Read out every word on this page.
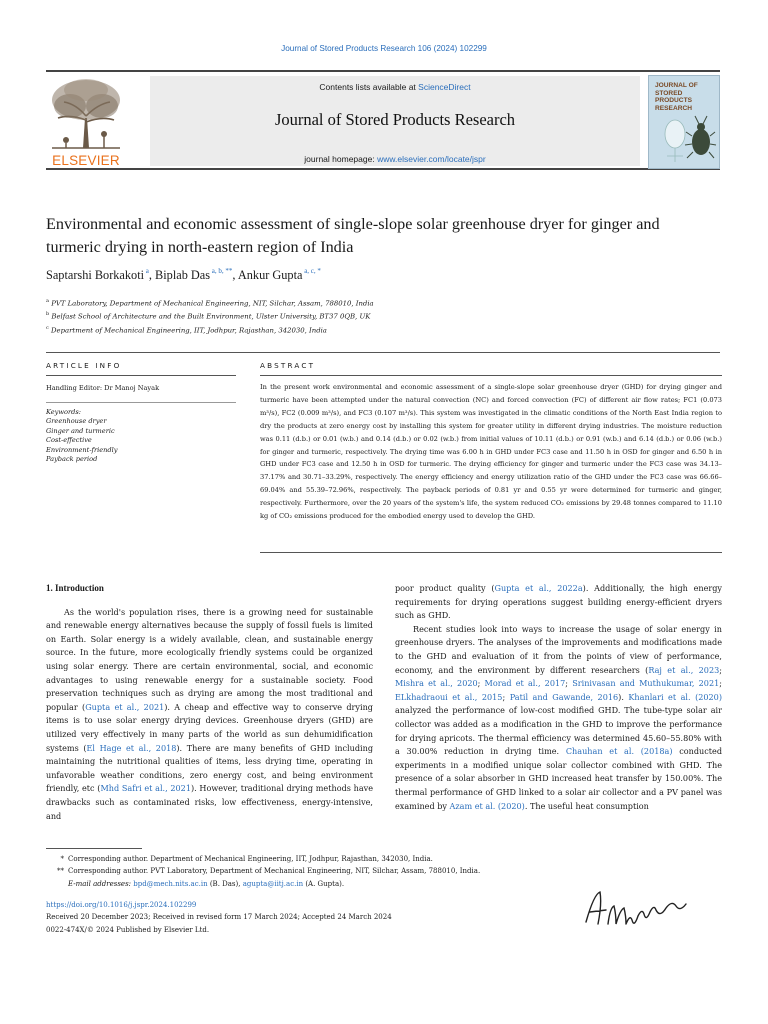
Journal of Stored Products Research 106 (2024) 102299
ELSEVIER
Contents lists available at ScienceDirect
Journal of Stored Products Research
journal homepage: www.elsevier.com/locate/jspr
JOURNAL OF
STORED
PRODUCTS
RESEARCH
Environmental and economic assessment of single-slope solar greenhouse dryer for ginger and turmeric drying in north-eastern region of India
Saptarshi Borkakoti $^a$, Biplab Das $^{a, b, **}$, Ankur Gupta $^{a, c, *}$
$^a$ PVT Laboratory, Department of Mechanical Engineering, NIT, Silchar, Assam, 788010, India
$^b$ Belfast School of Architecture and the Built Environment, Ulster University, BT37 0QB, UK
$^c$ Department of Mechanical Engineering, IIT, Jodhpur, Rajasthan, 342030, India
ARTICLE INFO	ABSTRACT
Handling Editor: Dr Manoj Nayak
Keywords:
Greenhouse dryer
Ginger and turmeric
Cost-effective
Environment-friendly
Payback period
In the present work environmental and economic assessment of a single-slope solar greenhouse dryer (GHD) for drying ginger and turmeric have been attempted under the natural convection (NC) and forced convection (FC) of different air flow rates; FC1 (0.073 m³/s), FC2 (0.009 m³/s), and FC3 (0.107 m³/s). This system was investigated in the climatic conditions of the North East India region to dry the products at zero energy cost by installing this system for greater utility in different drying industries. The moisture reduction was 0.11 (d.b.) or 0.01 (w.b.) and 0.14 (d.b.) or 0.02 (w.b.) from initial values of 10.11 (d.b.) or 0.91 (w.b.) and 6.14 (d.b.) or 0.06 (w.b.) for ginger and turmeric, respectively. The drying time was 6.00 h in GHD under FC3 case and 11.50 h in OSD for ginger and 6.50 h in GHD under FC3 case and 12.50 h in OSD for turmeric. The drying efficiency for ginger and turmeric under the FC3 case was 34.13–37.17% and 30.71–33.29%, respectively. The energy efficiency and energy utilization ratio of the GHD under the FC3 case was 66.66–69.04% and 55.39–72.96%, respectively. The payback periods of 0.81 yr and 0.55 yr were determined for turmeric and ginger, respectively. Furthermore, over the 20 years of the system's life, the system reduced CO₂ emissions by 29.48 tonnes compared to 11.10 kg of CO₂ emissions produced for the embodied energy used to develop the GHD.
1. Introduction
As the world's population rises, there is a growing need for sustainable and renewable energy alternatives because the supply of fossil fuels is limited on Earth. Solar energy is a widely available, clean, and sustainable energy source. In the future, more ecologically friendly systems could be organized using solar energy. There are certain environmental, social, and economic advantages to using renewable energy for a sustainable society. Food preservation techniques such as drying are among the most traditional and popular (Gupta et al., 2021). A cheap and effective way to conserve drying items is to use solar energy drying devices. Greenhouse dryers (GHD) are utilized very effectively in many parts of the world as sun dehumidification systems (El Hage et al., 2018). There are many benefits of GHD including maintaining the nutritional qualities of items, less drying time, operating in unfavorable weather conditions, zero energy cost, and being environment friendly, etc (Mhd Safri et al., 2021). However, traditional drying methods have drawbacks such as contaminated risks, low effectiveness, energy-intensive, and
poor product quality (Gupta et al., 2022a). Additionally, the high energy requirements for drying operations suggest building energy-efficient dryers such as GHD.
Recent studies look into ways to increase the usage of solar energy in greenhouse dryers. The analyses of the improvements and modifications made to the GHD and evaluation of it from the points of view of performance, economy, and the environment by different researchers (Raj et al., 2023; Mishra et al., 2020; Morad et al., 2017; Srinivasan and Muthukumar, 2021; ELkhadraoui et al., 2015; Patil and Gawande, 2016). Khanlari et al. (2020) analyzed the performance of low-cost modified GHD. The tube-type solar air collector was added as a modification in the GHD to improve the performance for drying apricots. The thermal efficiency was determined 45.60–55.80% with a 30.00% reduction in drying time. Chauhan et al. (2018a) conducted experiments in a modified unique solar collector combined with GHD. The presence of a solar absorber in GHD increased heat transfer by 150.00%. The thermal performance of GHD linked to a solar air collector and a PV panel was examined by Azam et al. (2020). The useful heat consumption
* Corresponding author. Department of Mechanical Engineering, IIT, Jodhpur, Rajasthan, 342030, India.
** Corresponding author. PVT Laboratory, Department of Mechanical Engineering, NIT, Silchar, Assam, 788010, India.
E-mail addresses: bpd@mech.nits.ac.in (B. Das), agupta@iitj.ac.in (A. Gupta).
https://doi.org/10.1016/j.jspr.2024.102299
Received 20 December 2023; Received in revised form 17 March 2024; Accepted 24 March 2024
0022-474X/© 2024 Published by Elsevier Ltd.
